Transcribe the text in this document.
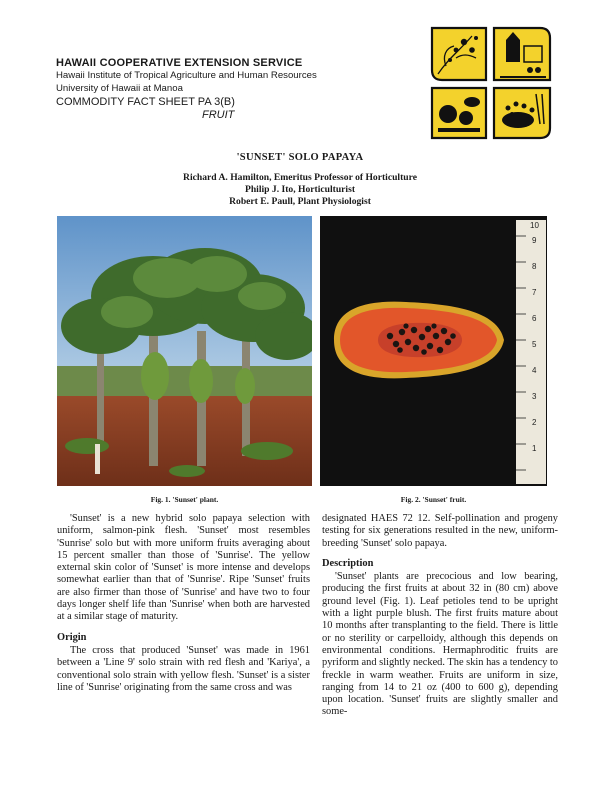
HAWAII COOPERATIVE EXTENSION SERVICE
Hawaii Institute of Tropical Agriculture and Human Resources
University of Hawaii at Manoa
COMMODITY FACT SHEET PA 3(B)
FRUIT
'SUNSET' SOLO PAPAYA
Richard A. Hamilton, Emeritus Professor of Horticulture
Philip J. Ito, Horticulturist
Robert E. Paull, Plant Physiologist
1
2
3
4
5
6
7
8
9
10
Fig. 1. 'Sunset' plant.	Fig. 2. 'Sunset' fruit.

'Sunset' is a new hybrid solo papaya selection with uniform, salmon-pink flesh. 'Sunset' most resembles 'Sunrise' solo but with more uniform fruits averaging about 15 percent smaller than those of 'Sunrise'. The yellow external skin color of 'Sunset' is more intense and develops somewhat earlier than that of 'Sunrise'. Ripe 'Sunset' fruits are also firmer than those of 'Sunrise' and have two to four days longer shelf life than 'Sunrise' when both are harvested at a similar stage of maturity.

Origin

The cross that produced 'Sunset' was made in 1961 between a 'Line 9' solo strain with red flesh and 'Kariya', a conventional solo strain with yellow flesh. 'Sunset' is a sister line of 'Sunrise' originating from the same cross and was

designated HAES 72 12. Self-pollination and progeny testing for six generations resulted in the new, uniform-breeding 'Sunset' solo papaya.

Description

'Sunset' plants are precocious and low bearing, producing the first fruits at about 32 in (80 cm) above ground level (Fig. 1). Leaf petioles tend to be upright with a light purple blush. The first fruits mature about 10 months after transplanting to the field. There is little or no sterility or carpelloidy, although this depends on environmental conditions. Hermaphroditic fruits are pyriform and slightly necked. The skin has a tendency to freckle in warm weather. Fruits are uniform in size, ranging from 14 to 21 oz (400 to 600 g), depending upon location. 'Sunset' fruits are slightly smaller and some-
